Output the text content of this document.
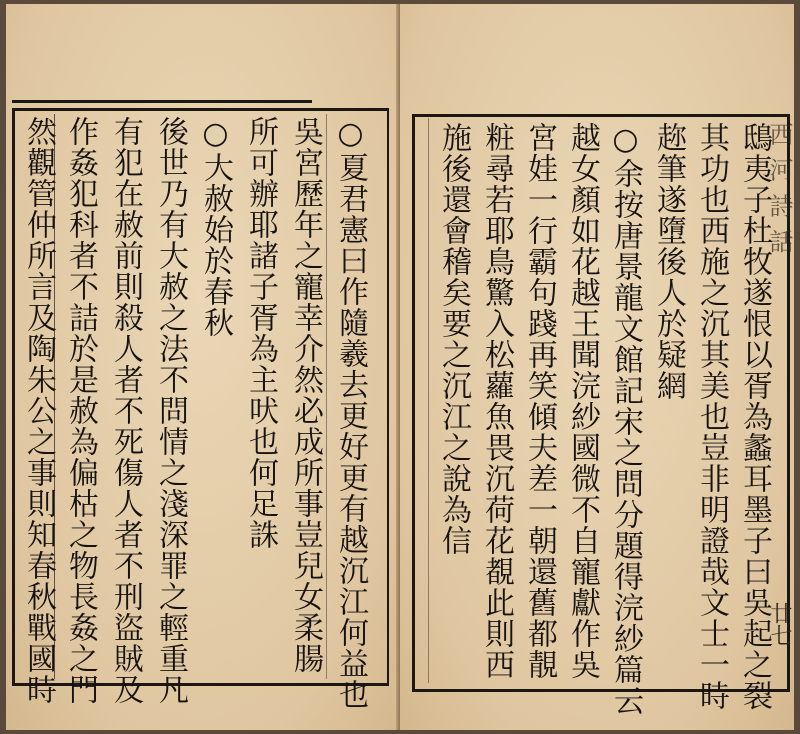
○夏君憲曰作隨羲去更好更有越沉江何益也
吳宮歷年之寵幸介然必成所事豈兒女柔腸
所可辦耶諸子胥為主吠也何足誅
○大赦始於春秋
後世乃有大赦之法不問情之淺深罪之輕重凡
有犯在赦前則殺人者不死傷人者不刑盜賊及
作姦犯科者不詰於是赦為偏枯之物長姦之門
然觀管仲所言及陶朱公之事則知春秋戰國時	鴟夷子杜牧遂恨以胥為蠡耳墨子曰吳起之裂
其功也西施之沉其美也豈非明證哉文士一時
趂筆遂墮後人於疑網
○余按唐景龍文館記宋之問分題得浣紗篇云
越女顏如花越王聞浣紗國微不自寵獻作吳
宮娃一行霸句踐再笑傾夫差一朝還舊都靚
粧尋若耶鳥驚入松蘿魚畏沉荷花覩此則西
施後還會稽矣要之沉江之說為信	西 河 詩 話
廿七
